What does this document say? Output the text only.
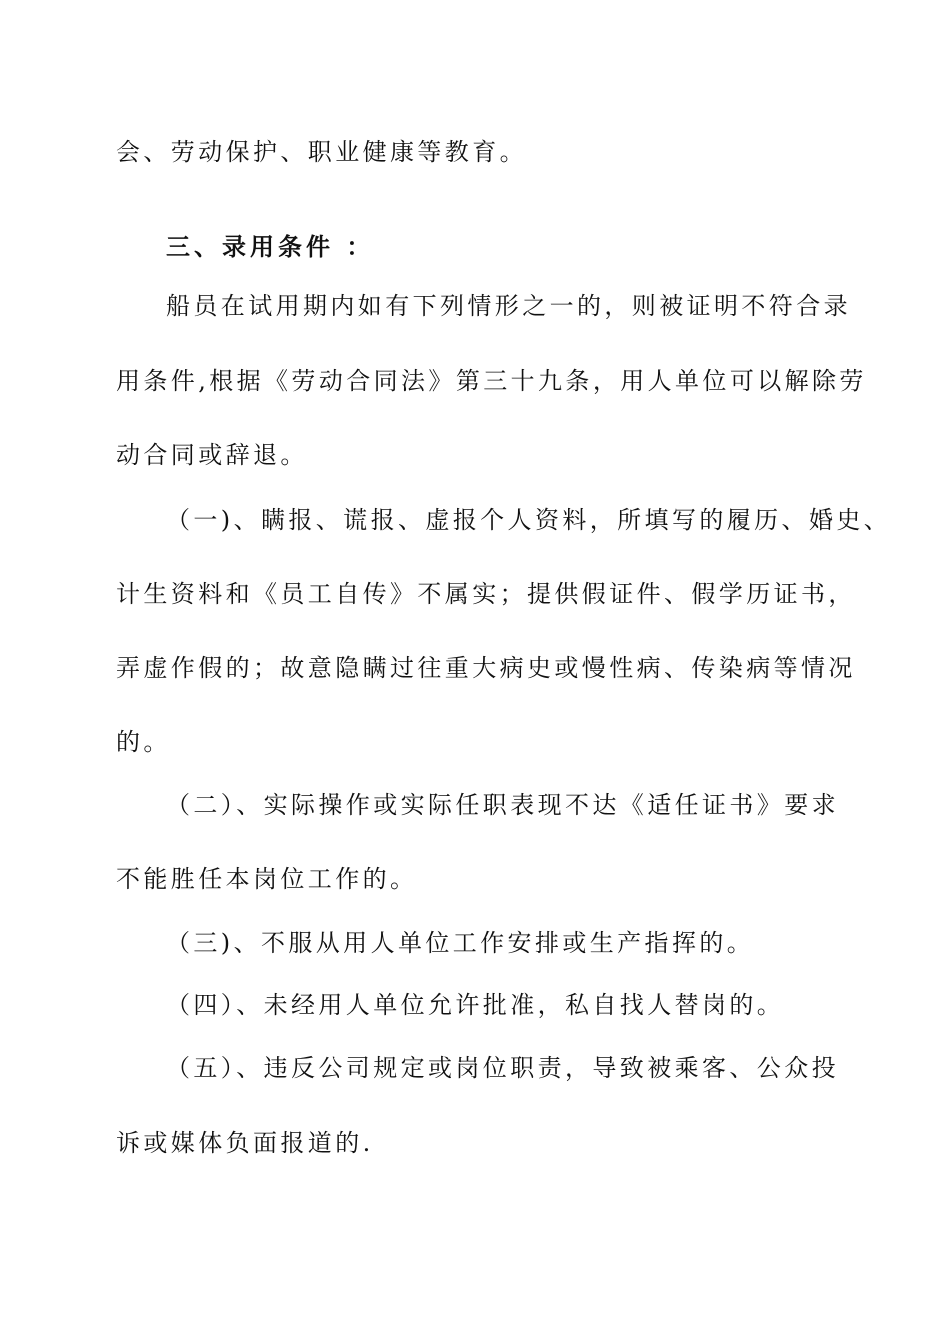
会、劳动保护、职业健康等教育。
三、录用条件 ：
船员在试用期内如有下列情形之一的，则被证明不符合录
用条件,根据《劳动合同法》第三十九条，用人单位可以解除劳
动合同或辞退。
（一)、瞒报、谎报、虚报个人资料，所填写的履历、婚史、
计生资料和《员工自传》不属实；提供假证件、假学历证书，
弄虚作假的；故意隐瞒过往重大病史或慢性病、传染病等情况
的。
（二）、实际操作或实际任职表现不达《适任证书》要求
不能胜任本岗位工作的。
（三)、不服从用人单位工作安排或生产指挥的。
（四）、未经用人单位允许批准，私自找人替岗的。
（五）、违反公司规定或岗位职责，导致被乘客、公众投
诉或媒体负面报道的.
